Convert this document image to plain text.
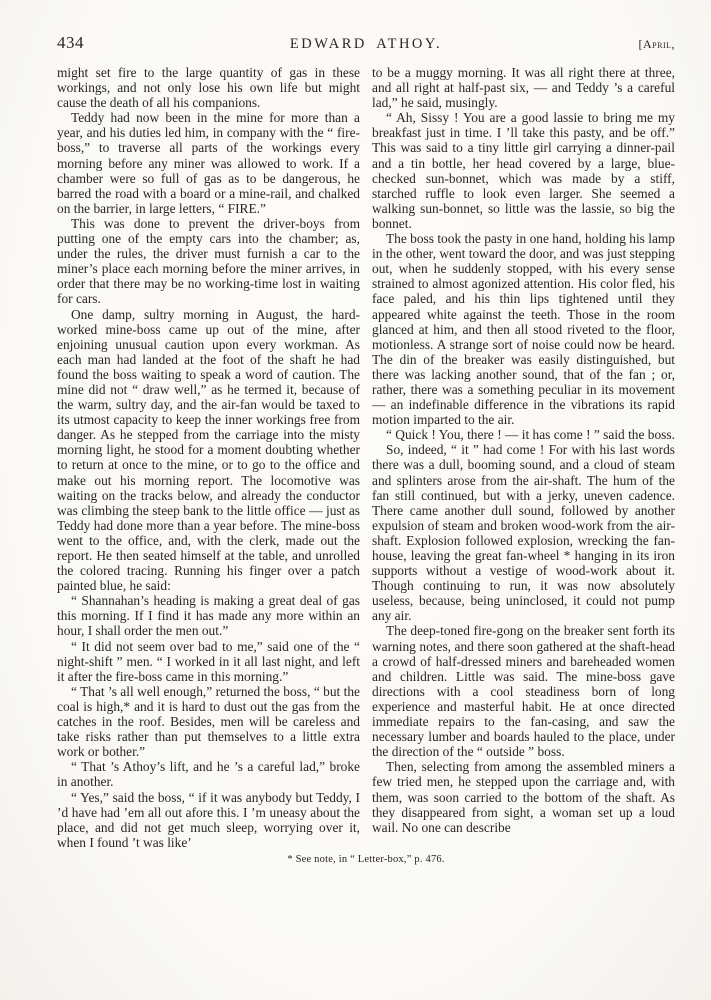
434	EDWARD ATHOY.	[April,

might set fire to the large quantity of gas in these workings, and not only lose his own life but might cause the death of all his companions.

Teddy had now been in the mine for more than a year, and his duties led him, in company with the “ fire-boss,” to traverse all parts of the workings every morning before any miner was allowed to work. If a chamber were so full of gas as to be dangerous, he barred the road with a board or a mine-rail, and chalked on the barrier, in large letters, “ FIRE.”

This was done to prevent the driver-boys from putting one of the empty cars into the chamber; as, under the rules, the driver must furnish a car to the miner’s place each morning before the miner arrives, in order that there may be no working-time lost in waiting for cars.

One damp, sultry morning in August, the hard-worked mine-boss came up out of the mine, after enjoining unusual caution upon every workman. As each man had landed at the foot of the shaft he had found the boss waiting to speak a word of caution. The mine did not “ draw well,” as he termed it, because of the warm, sultry day, and the air-fan would be taxed to its utmost capacity to keep the inner workings free from danger. As he stepped from the carriage into the misty morning light, he stood for a moment doubting whether to return at once to the mine, or to go to the office and make out his morning report. The locomotive was waiting on the tracks below, and already the conductor was climbing the steep bank to the little office — just as Teddy had done more than a year before. The mine-boss went to the office, and, with the clerk, made out the report. He then seated himself at the table, and unrolled the colored tracing. Running his finger over a patch painted blue, he said:

“ Shannahan’s heading is making a great deal of gas this morning. If I find it has made any more within an hour, I shall order the men out.”

“ It did not seem over bad to me,” said one of the “ night-shift ” men. “ I worked in it all last night, and left it after the fire-boss came in this morning.”

“ That ’s all well enough,” returned the boss, “ but the coal is high,* and it is hard to dust out the gas from the catches in the roof. Besides, men will be careless and take risks rather than put themselves to a little extra work or bother.”

“ That ’s Athoy’s lift, and he ’s a careful lad,” broke in another.

“ Yes,” said the boss, “ if it was anybody but Teddy, I ’d have had ’em all out afore this. I ’m uneasy about the place, and did not get much sleep, worrying over it, when I found ’t was like’

to be a muggy morning. It was all right there at three, and all right at half-past six, — and Teddy ’s a careful lad,” he said, musingly.

“ Ah, Sissy ! You are a good lassie to bring me my breakfast just in time. I ’ll take this pasty, and be off.” This was said to a tiny little girl carrying a dinner-pail and a tin bottle, her head covered by a large, blue-checked sun-bonnet, which was made by a stiff, starched ruffle to look even larger. She seemed a walking sun-bonnet, so little was the lassie, so big the bonnet.

The boss took the pasty in one hand, holding his lamp in the other, went toward the door, and was just stepping out, when he suddenly stopped, with his every sense strained to almost agonized attention. His color fled, his face paled, and his thin lips tightened until they appeared white against the teeth. Those in the room glanced at him, and then all stood riveted to the floor, motionless. A strange sort of noise could now be heard. The din of the breaker was easily distinguished, but there was lacking another sound, that of the fan ; or, rather, there was a something peculiar in its movement — an indefinable difference in the vibrations its rapid motion imparted to the air.

“ Quick ! You, there ! — it has come ! ” said the boss.

So, indeed, “ it ” had come ! For with his last words there was a dull, booming sound, and a cloud of steam and splinters arose from the air-shaft. The hum of the fan still continued, but with a jerky, uneven cadence. There came another dull sound, followed by another expulsion of steam and broken wood-work from the air-shaft. Explosion followed explosion, wrecking the fan-house, leaving the great fan-wheel * hanging in its iron supports without a vestige of wood-work about it. Though continuing to run, it was now absolutely useless, because, being uninclosed, it could not pump any air.

The deep-toned fire-gong on the breaker sent forth its warning notes, and there soon gathered at the shaft-head a crowd of half-dressed miners and bareheaded women and children. Little was said. The mine-boss gave directions with a cool steadiness born of long experience and masterful habit. He at once directed immediate repairs to the fan-casing, and saw the necessary lumber and boards hauled to the place, under the direction of the “ outside ” boss.

Then, selecting from among the assembled miners a few tried men, he stepped upon the carriage and, with them, was soon carried to the bottom of the shaft. As they disappeared from sight, a woman set up a loud wail. No one can describe

* See note, in “ Letter-box,” p. 476.
